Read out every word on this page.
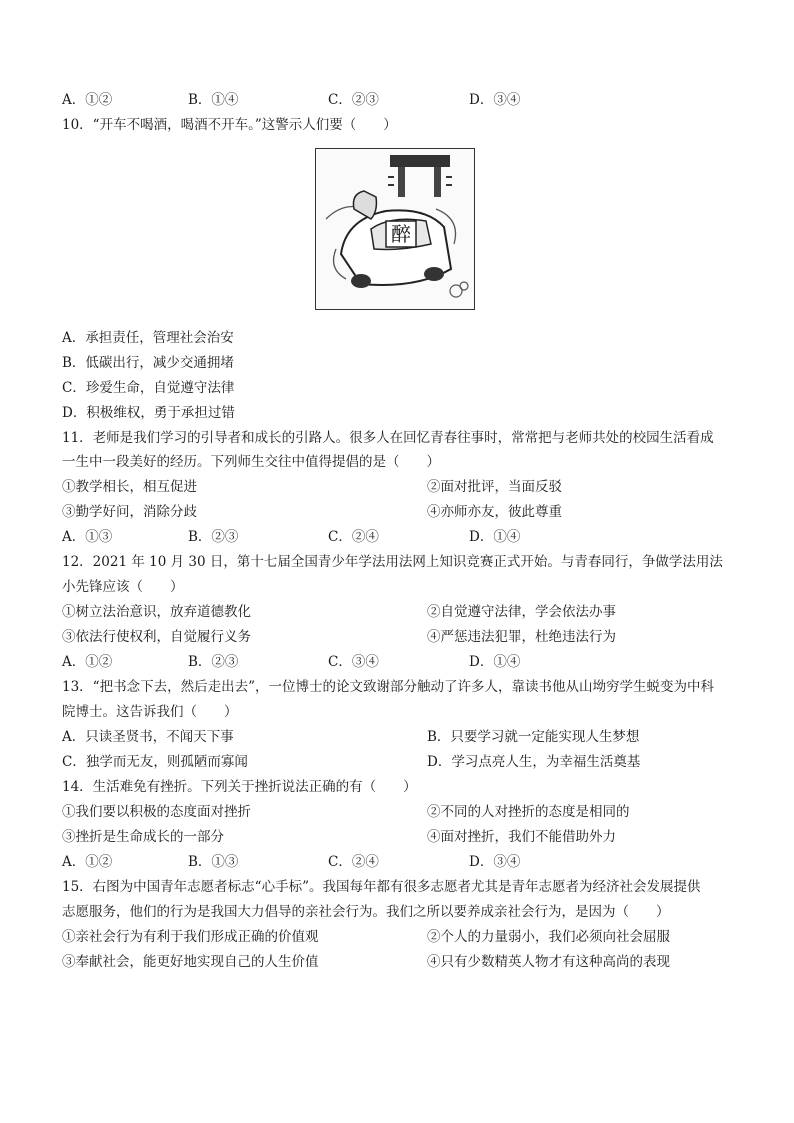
A．①②	B．①④	C．②③	D．③④
10．“开车不喝酒，喝酒不开车。”这警示人们要（　　）
醉
A．承担责任，管理社会治安
B．低碳出行，减少交通拥堵
C．珍爱生命，自觉遵守法律
D．积极维权，勇于承担过错
11．老师是我们学习的引导者和成长的引路人。很多人在回忆青春往事时，常常把与老师共处的校园生活看成
一生中一段美好的经历。下列师生交往中值得提倡的是（　　）
①教学相长，相互促进	②面对批评，当面反驳
③勤学好问，消除分歧	④亦师亦友，彼此尊重
A．①③	B．②③	C．②④	D．①④
12．2021 年 10 月 30 日，第十七届全国青少年学法用法网上知识竞赛正式开始。与青春同行，争做学法用法
小先锋应该（　　）
①树立法治意识，放弃道德教化	②自觉遵守法律，学会依法办事
③依法行使权利，自觉履行义务	④严惩违法犯罪，杜绝违法行为
A．①②	B．②③	C．③④	D．①④
13．“把书念下去，然后走出去”，一位博士的论文致谢部分触动了许多人，靠读书他从山坳穷学生蜕变为中科
院博士。这告诉我们（　　）
A．只读圣贤书，不闻天下事	B．只要学习就一定能实现人生梦想
C．独学而无友，则孤陋而寡闻	D．学习点亮人生，为幸福生活奠基
14．生活难免有挫折。下列关于挫折说法正确的有（　　）
①我们要以积极的态度面对挫折	②不同的人对挫折的态度是相同的
③挫折是生命成长的一部分	④面对挫折，我们不能借助外力
A．①②	B．①③	C．②④	D．③④
15．右图为中国青年志愿者标志“心手标”。我国每年都有很多志愿者尤其是青年志愿者为经济社会发展提供
志愿服务，他们的行为是我国大力倡导的亲社会行为。我们之所以要养成亲社会行为，是因为（　　）
①亲社会行为有利于我们形成正确的价值观	②个人的力量弱小，我们必须向社会屈服
③奉献社会，能更好地实现自己的人生价值	④只有少数精英人物才有这种高尚的表现
